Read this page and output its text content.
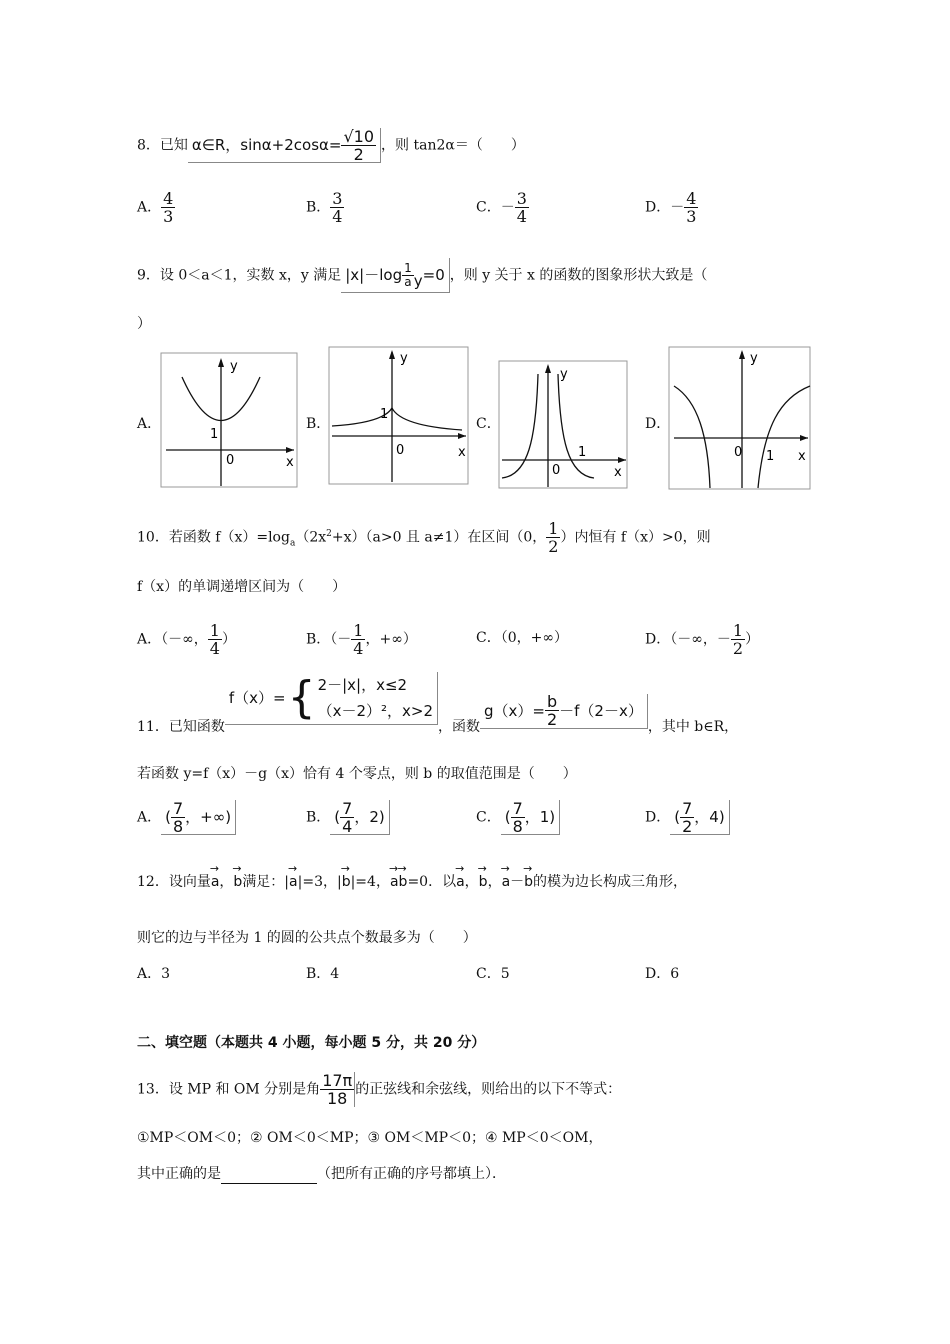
8．已知 α∈R，$\sin\alpha+2\cos\alpha= \frac{√10}{2}$ ，则 tan2α＝（　　）
A． $\frac{4}{3}$	B． $\frac{3}{4}$	C．－ $\frac{3}{4}$	D．－ $\frac{4}{3}$
9．设 0＜a＜1，实数 x，y 满足 $|x|-\log \frac{1}{a}$ y =0 ，则 y 关于 x 的函数的图象形状大致是（
）
A．	B．	C．	D．
y
x
0
1
y
x
0
1
y
x
0
1
y
x
0 1
10．若函数 $f(x)=\log_a(2x^2+x)(a>0$ 且 a≠1）在区间（0， $\frac{1}{2}$ ）内恒有 f（x）>0，则
f（x）的单调递增区间为（　　）
A．（－∞， $\frac{1}{4}$ ）	B．（－ $\frac{1}{4}$ ，+∞）	C．（0，+∞）	D．（－∞，－ $\frac{1}{2}$ ）
11．已知函数
f（x）= { 2－|x|，x≤2
（x－2）²，x>2
，函数
$g(x)= \frac{b}{2} -f(2-x)$
，其中 b∈R，
若函数 y=f（x）－g（x）恰有 4 个零点，则 b 的取值范围是（　　）
A． ( $\frac{7}{8}$ ，+∞)	B． ( $\frac{7}{4}$ ，2)	C． ( $\frac{7}{8}$ ，1)	D． ( $\frac{7}{2}$ ，4)
12．设向量→ a，→ b满足：|→ a|=3，|→ b|=4，→ a→ b=0．以→ a，→ b，→ a－→ b的模为边长构成三角形，
则它的边与半径为 1 的圆的公共点个数最多为（　　）
A．3	B．4	C．5	D．6
二、填空题（本题共 4 小题，每小题 5 分，共 20 分）
13．设 MP 和 OM 分别是角 $\frac{17\pi}{18}$ 的正弦线和余弦线，则给出的以下不等式：
①MP＜OM＜0；② OM＜0＜MP；③ OM＜MP＜0；④ MP＜0＜OM，
其中正确的是	（把所有正确的序号都填上）．
